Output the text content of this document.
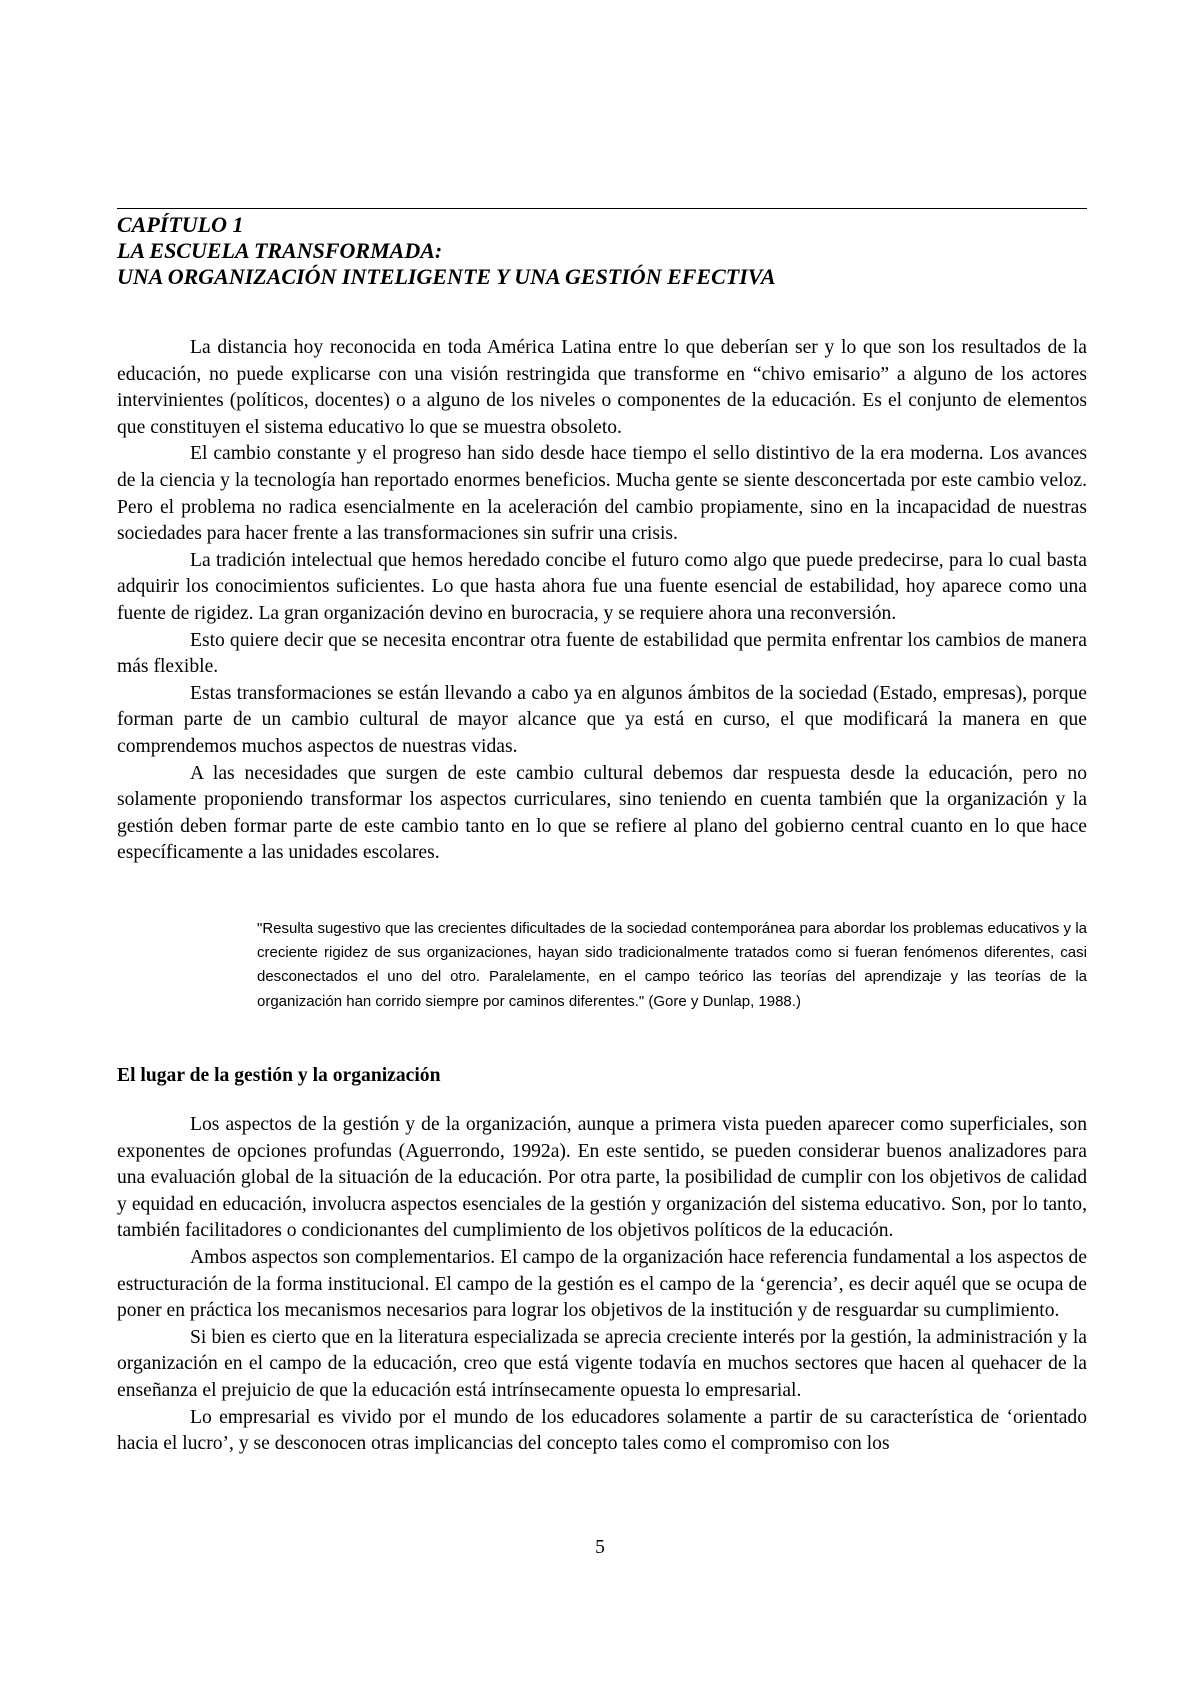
CAPÍTULO 1
LA ESCUELA TRANSFORMADA:
UNA ORGANIZACIÓN INTELIGENTE Y UNA GESTIÓN EFECTIVA

La distancia hoy reconocida en toda América Latina entre lo que deberían ser y lo que son los resultados de la educación, no puede explicarse con una visión restringida que transforme en “chivo emisario” a alguno de los actores intervinientes (políticos, docentes) o a alguno de los niveles o componentes de la educación. Es el conjunto de elementos que constituyen el sistema educativo lo que se muestra obsoleto.

El cambio constante y el progreso han sido desde hace tiempo el sello distintivo de la era moderna. Los avances de la ciencia y la tecnología han reportado enormes beneficios. Mucha gente se siente desconcertada por este cambio veloz. Pero el problema no radica esencialmente en la aceleración del cambio propiamente, sino en la incapacidad de nuestras sociedades para hacer frente a las transformaciones sin sufrir una crisis.

La tradición intelectual que hemos heredado concibe el futuro como algo que puede predecirse, para lo cual basta adquirir los conocimientos suficientes. Lo que hasta ahora fue una fuente esencial de estabilidad, hoy aparece como una fuente de rigidez. La gran organización devino en burocracia, y se requiere ahora una reconversión.

Esto quiere decir que se necesita encontrar otra fuente de estabilidad que permita enfrentar los cambios de manera más flexible.

Estas transformaciones se están llevando a cabo ya en algunos ámbitos de la sociedad (Estado, empresas), porque forman parte de un cambio cultural de mayor alcance que ya está en curso, el que modificará la manera en que comprendemos muchos aspectos de nuestras vidas.

A las necesidades que surgen de este cambio cultural debemos dar respuesta desde la educación, pero no solamente proponiendo transformar los aspectos curriculares, sino teniendo en cuenta también que la organización y la gestión deben formar parte de este cambio tanto en lo que se refiere al plano del gobierno central cuanto en lo que hace específicamente a las unidades escolares.

"Resulta sugestivo que las crecientes dificultades de la sociedad contemporánea para abordar los problemas educativos y la creciente rigidez de sus organizaciones, hayan sido tradicionalmente tratados como si fueran fenómenos diferentes, casi desconectados el uno del otro. Paralelamente, en el campo teórico las teorías del aprendizaje y las teorías de la organización han corrido siempre por caminos diferentes." (Gore y Dunlap, 1988.)

El lugar de la gestión y la organización

Los aspectos de la gestión y de la organización, aunque a primera vista pueden aparecer como superficiales, son exponentes de opciones profundas (Aguerrondo, 1992a). En este sentido, se pueden considerar buenos analizadores para una evaluación global de la situación de la educación. Por otra parte, la posibilidad de cumplir con los objetivos de calidad y equidad en educación, involucra aspectos esenciales de la gestión y organización del sistema educativo. Son, por lo tanto, también facilitadores o condicionantes del cumplimiento de los objetivos políticos de la educación.

Ambos aspectos son complementarios. El campo de la organización hace referencia fundamental a los aspectos de estructuración de la forma institucional. El campo de la gestión es el campo de la ‘gerencia’, es decir aquél que se ocupa de poner en práctica los mecanismos necesarios para lograr los objetivos de la institución y de resguardar su cumplimiento.

Si bien es cierto que en la literatura especializada se aprecia creciente interés por la gestión, la administración y la organización en el campo de la educación, creo que está vigente todavía en muchos sectores que hacen al quehacer de la enseñanza el prejuicio de que la educación está intrínsecamente opuesta lo empresarial.

Lo empresarial es vivido por el mundo de los educadores solamente a partir de su característica de ‘orientado hacia el lucro’, y se desconocen otras implicancias del concepto tales como el compromiso con los

5
